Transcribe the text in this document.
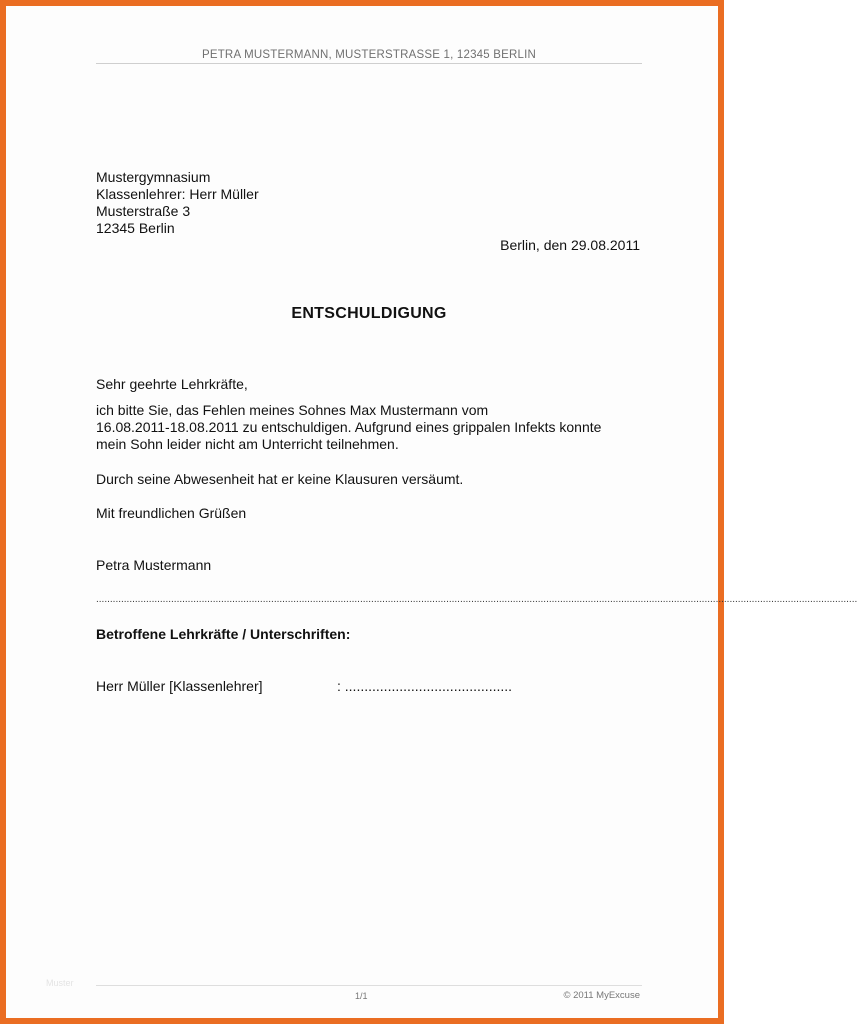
PETRA MUSTERMANN, MUSTERSTRASSE 1, 12345 BERLIN
Mustergymnasium
Klassenlehrer: Herr Müller
Musterstraße 3
12345 Berlin
Berlin, den 29.08.2011
ENTSCHULDIGUNG
Sehr geehrte Lehrkräfte,
ich bitte Sie, das Fehlen meines Sohnes Max Mustermann vom
16.08.2011-18.08.2011 zu entschuldigen. Aufgrund eines grippalen Infekts konnte
mein Sohn leider nicht am Unterricht teilnehmen.
Durch seine Abwesenheit hat er keine Klausuren versäumt.
Mit freundlichen Grüßen
Petra Mustermann
..................................................................................................................................................................................................................................................................................
Betroffene Lehrkräfte / Unterschriften:
Herr Müller [Klassenlehrer]	: ...........................................
Muster
1/1	© 2011 MyExcuse
